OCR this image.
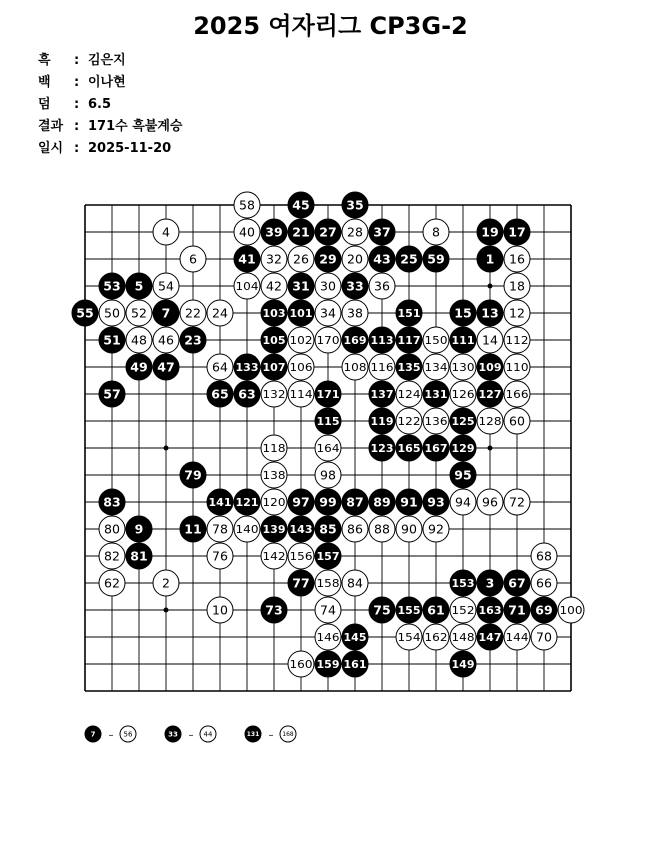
2025 여자리그 CP3G-2
흑	: 김은지
백	: 이나현
덤	: 6.5
결과 : 171수 흑불계승
일시 : 2025-11-20
58	45	35
4	40 39 21 27 28 37	8	19 17
6	41 32 26 29 20 43 25 59	1 16
53 5 54	104 42 31 30 33 36	18
55 50 52 7 22 24	103 101 34 38	151	15 13 12
51 48 46 23	105 102 170 169 113 117 150 111 14 112
49 47	64 133 107 106	108 116 135 134 130 109 110
57	65 63 132 114 171	137 124 131 126 127 166
115	119 122 136 125 128 60
118	164	123 165 167 129
79	138	98	95
83	141 121 120 97 99 87 89 91 93 94 96 72
80 9	11 78 140 139 143 85 86 88 90 92
82 81	76	142 156 157	68
62	2	77 158 84	153 3 67 66
10	73	74	75 155 61 152 163 71 69 100
146 145	154 162 148 147 144 70
160 159 161	149
7 – 56	33 – 44	131 – 168
